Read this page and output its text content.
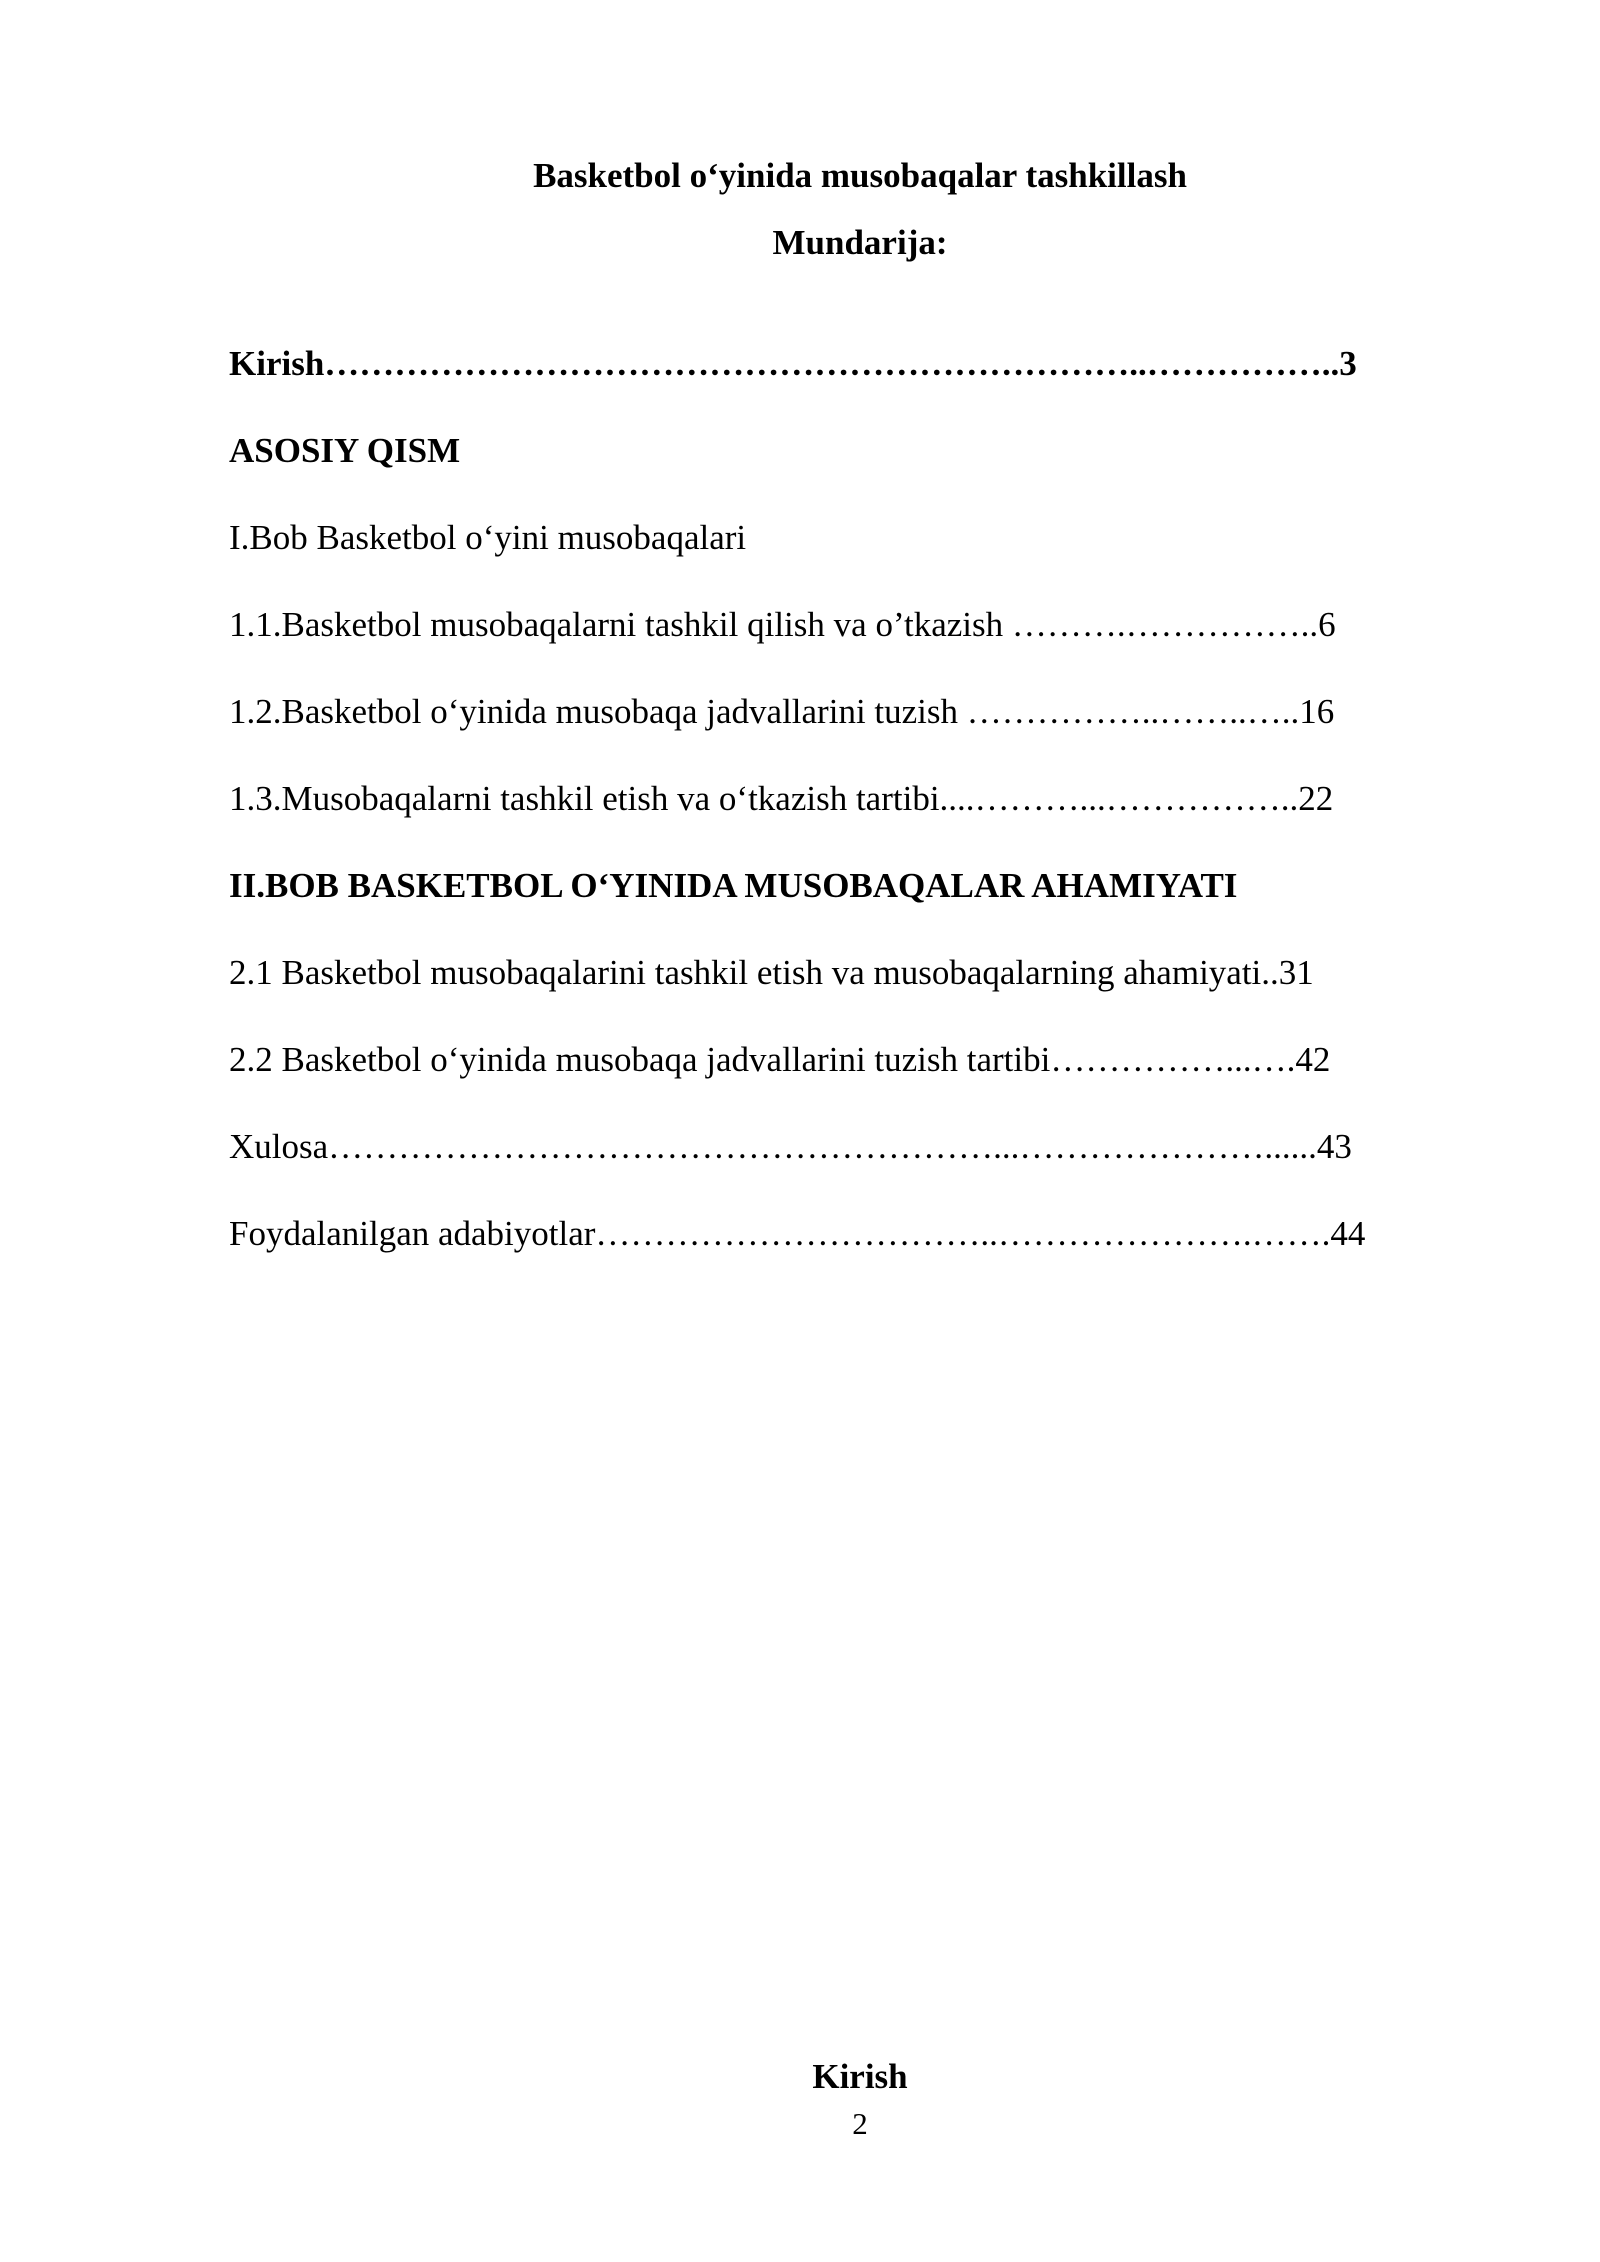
Basketbol o‘yinida musobaqalar tashkillash
Mundarija:
Kirish……………………………………………………………..……………..3
ASOSIY QISM
I.Bob Basketbol o‘yini musobaqalari
1.1.Basketbol musobaqalarni tashkil qilish va o’tkazish ……….……………..6
1.2.Basketbol o‘yinida musobaqa jadvallarini tuzish ……………..……..…..16
1.3.Musobaqalarni tashkil etish va o‘tkazish tartibi....………...……………..22
II.BOB BASKETBOL O‘YINIDA MUSOBAQALAR AHAMIYATI
2.1 Basketbol musobaqalarini tashkil etish va musobaqalarning ahamiyati..31
2.2 Basketbol o‘yinida musobaqa jadvallarini tuzish tartibi……………...….42
Xulosa…………………………………………………...…………………......43
Foydalanilgan adabiyotlar……………………………..………………….…….44
Kirish
2
